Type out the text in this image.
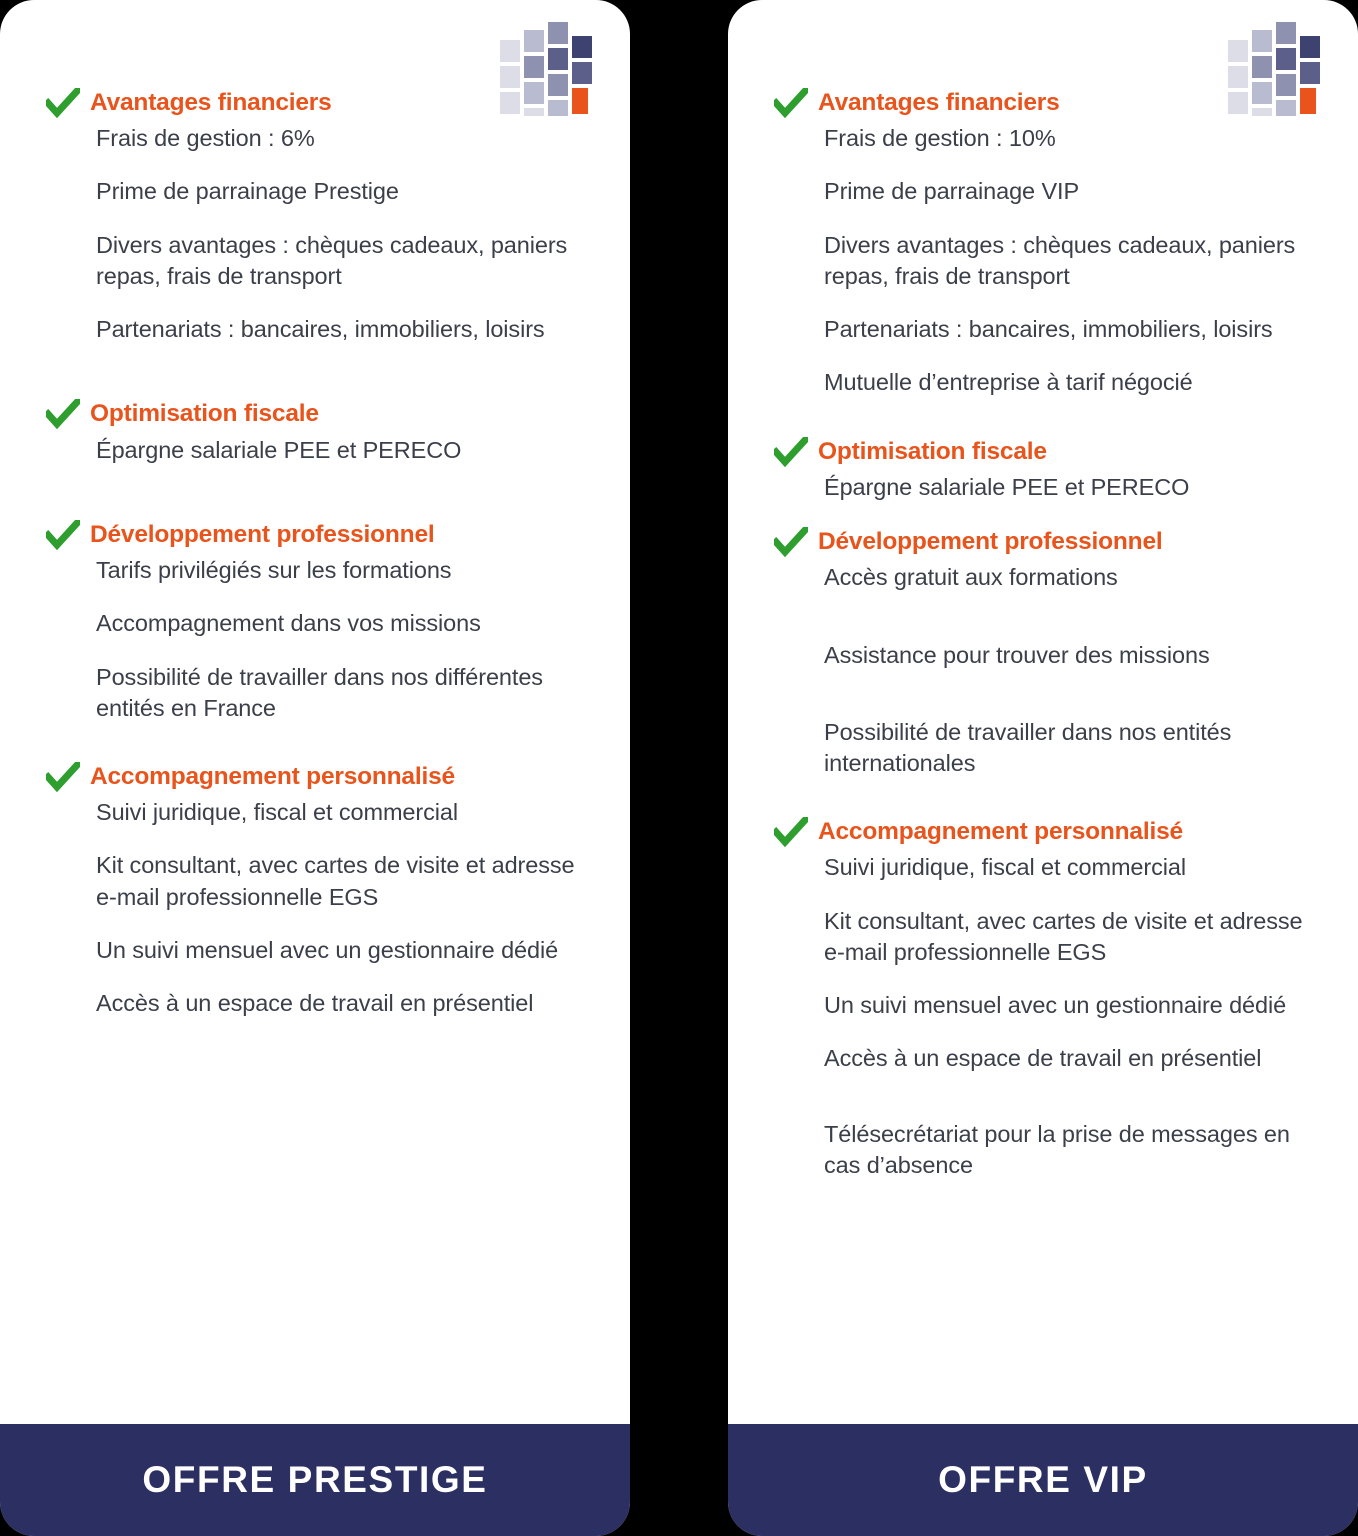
Avantages financiers
Frais de gestion : 6%
Prime de parrainage Prestige
Divers avantages : chèques cadeaux, paniers repas, frais de transport
Partenariats : bancaires, immobiliers, loisirs
Optimisation fiscale
Épargne salariale PEE et PERECO
Développement professionnel
Tarifs privilégiés sur les formations
Accompagnement dans vos missions
Possibilité de travailler dans nos différentes entités en France
Accompagnement personnalisé
Suivi juridique, fiscal et commercial
Kit consultant, avec cartes de visite et adresse e-mail professionnelle EGS
Un suivi mensuel avec un gestionnaire dédié
Accès à un espace de travail en présentiel
OFFRE PRESTIGE
Avantages financiers
Frais de gestion : 10%
Prime de parrainage VIP
Divers avantages : chèques cadeaux, paniers repas, frais de transport
Partenariats : bancaires, immobiliers, loisirs
Mutuelle d’entreprise à tarif négocié
Optimisation fiscale
Épargne salariale PEE et PERECO
Développement professionnel
Accès gratuit aux formations
Assistance pour trouver des missions
Possibilité de travailler dans nos entités internationales
Accompagnement personnalisé
Suivi juridique, fiscal et commercial
Kit consultant, avec cartes de visite et adresse e-mail professionnelle EGS
Un suivi mensuel avec un gestionnaire dédié
Accès à un espace de travail en présentiel
Télésecrétariat pour la prise de messages en cas d’absence
OFFRE VIP
